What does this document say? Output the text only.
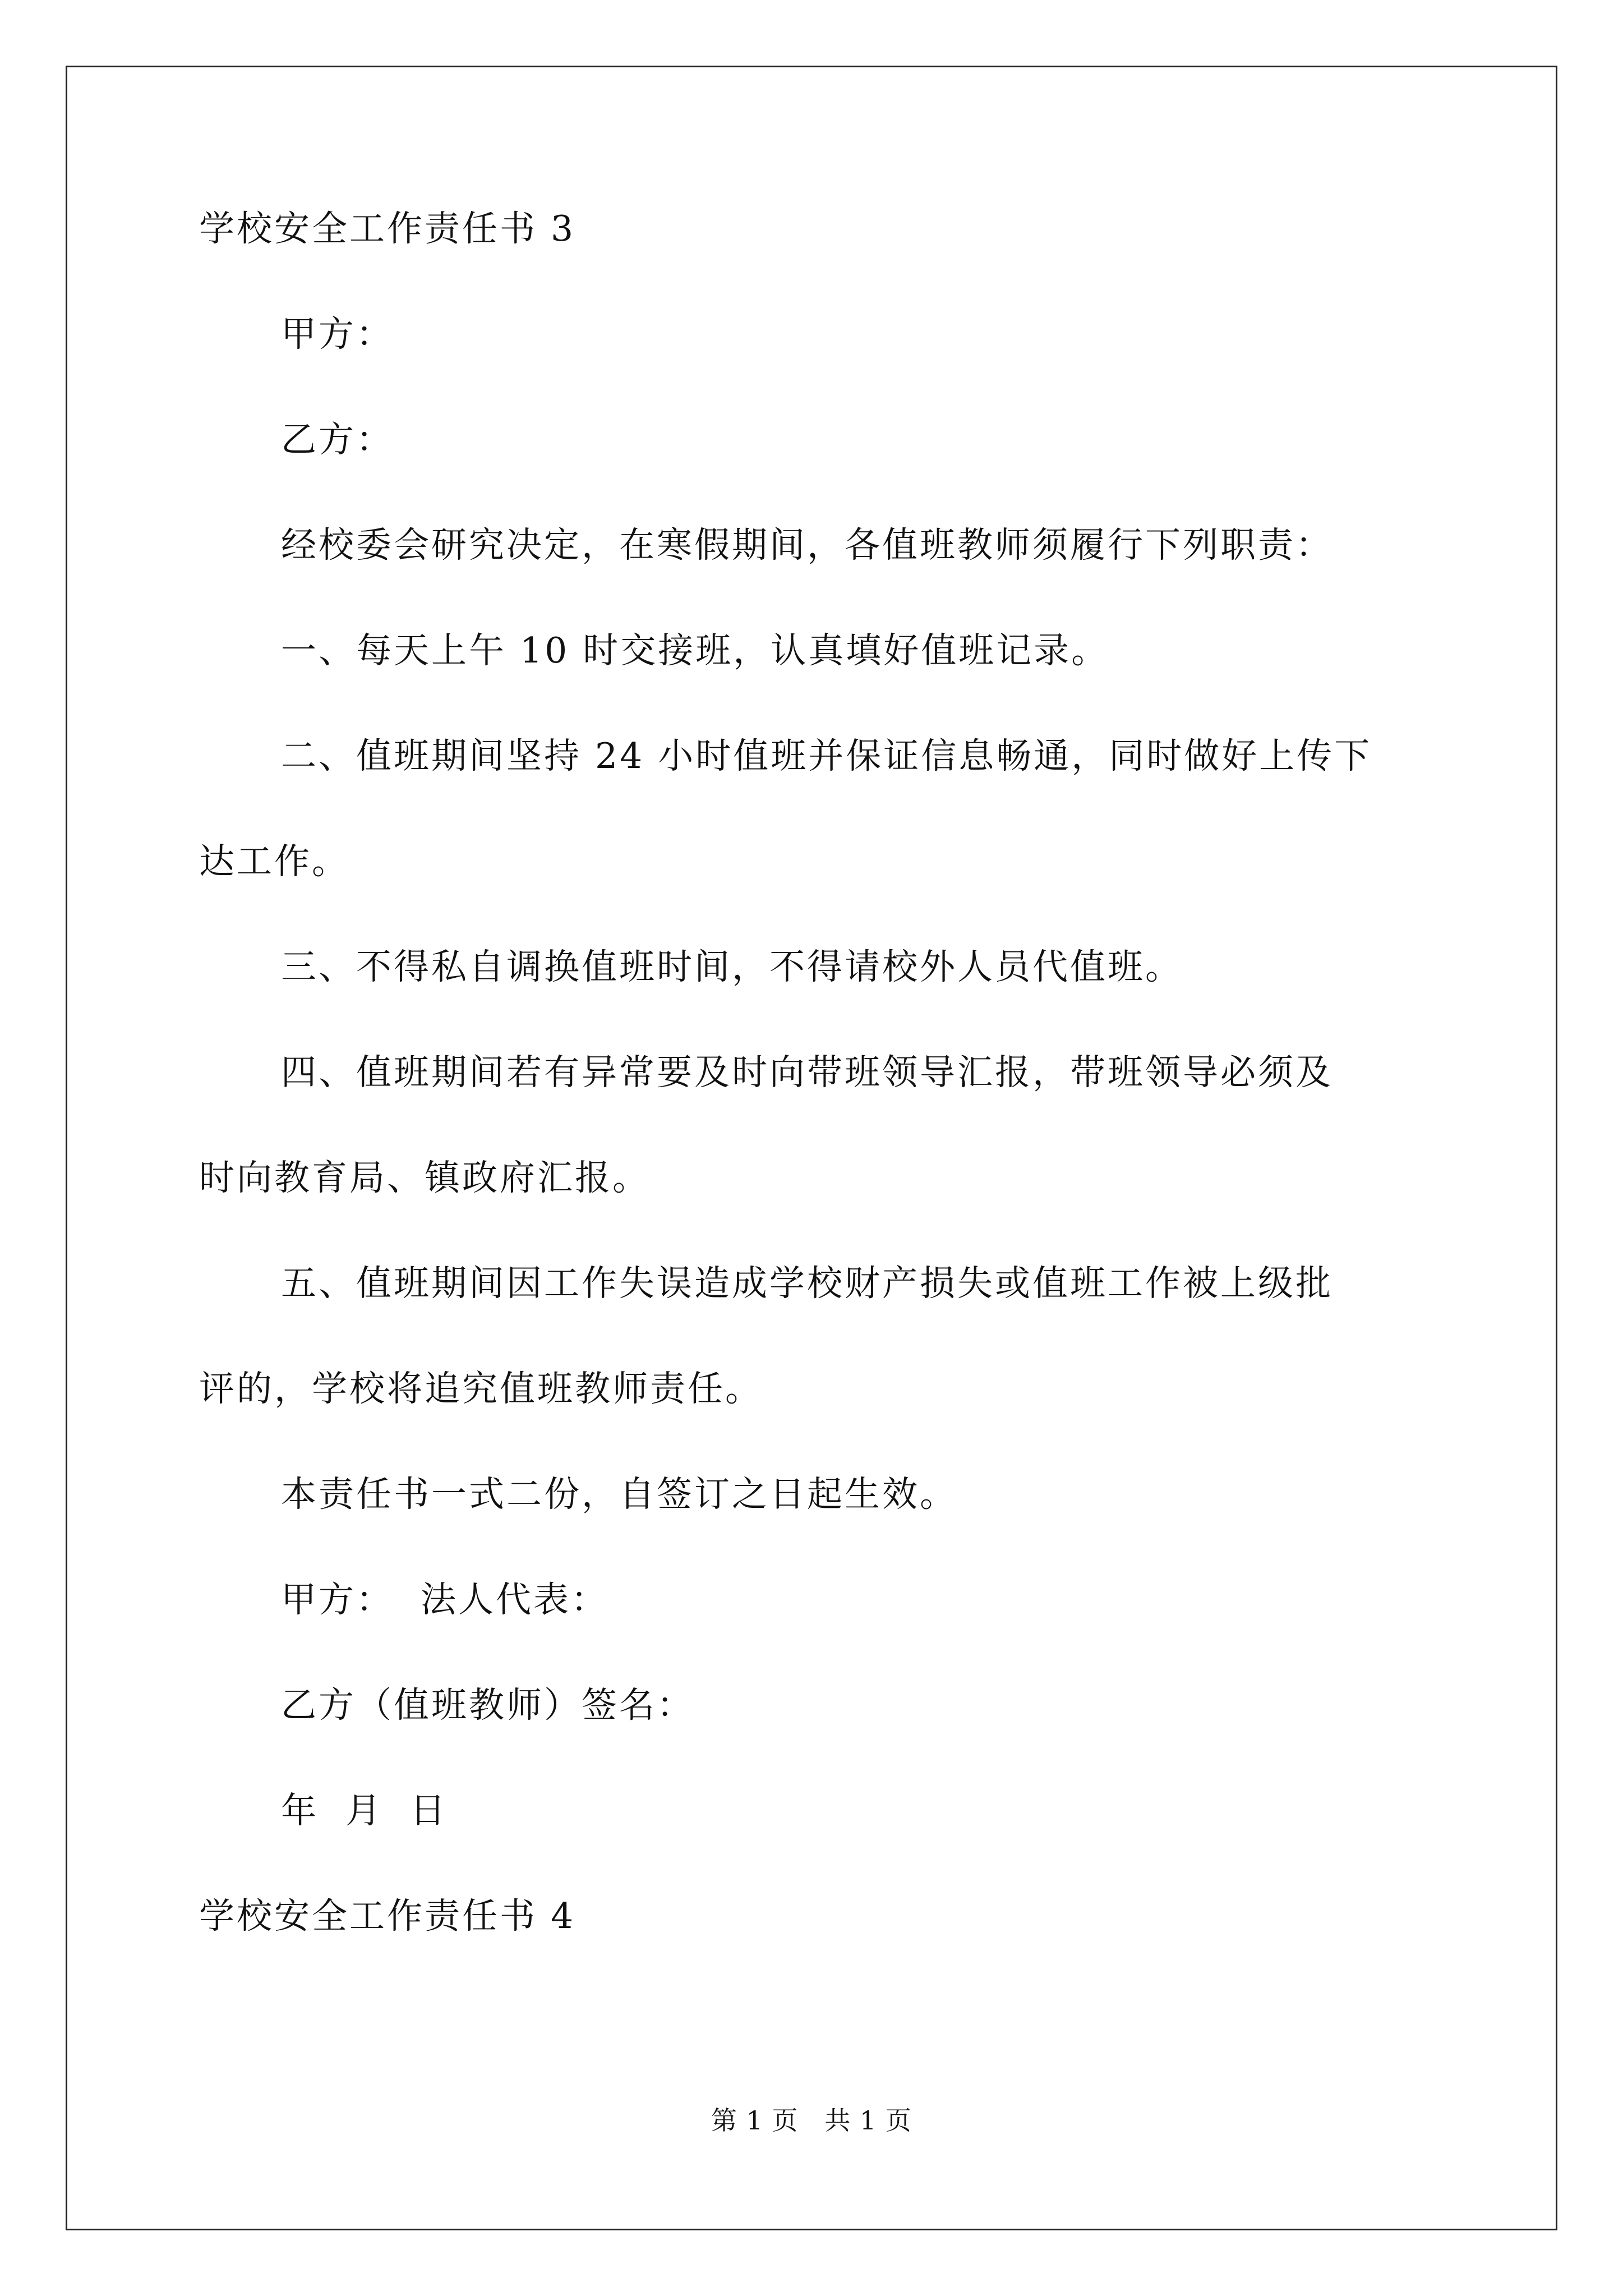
学校安全工作责任书 3
甲方：
乙方：
经校委会研究决定，在寒假期间，各值班教师须履行下列职责：
一、每天上午 10 时交接班，认真填好值班记录。
二、值班期间坚持 24 小时值班并保证信息畅通，同时做好上传下
达工作。
三、不得私自调换值班时间，不得请校外人员代值班。
四、值班期间若有异常要及时向带班领导汇报，带班领导必须及
时向教育局、镇政府汇报。
五、值班期间因工作失误造成学校财产损失或值班工作被上级批
评的，学校将追究值班教师责任。
本责任书一式二份，自签订之日起生效。
甲方：  法人代表：
乙方（值班教师）签名：
年  月  日
学校安全工作责任书 4
第 1 页   共 1 页
